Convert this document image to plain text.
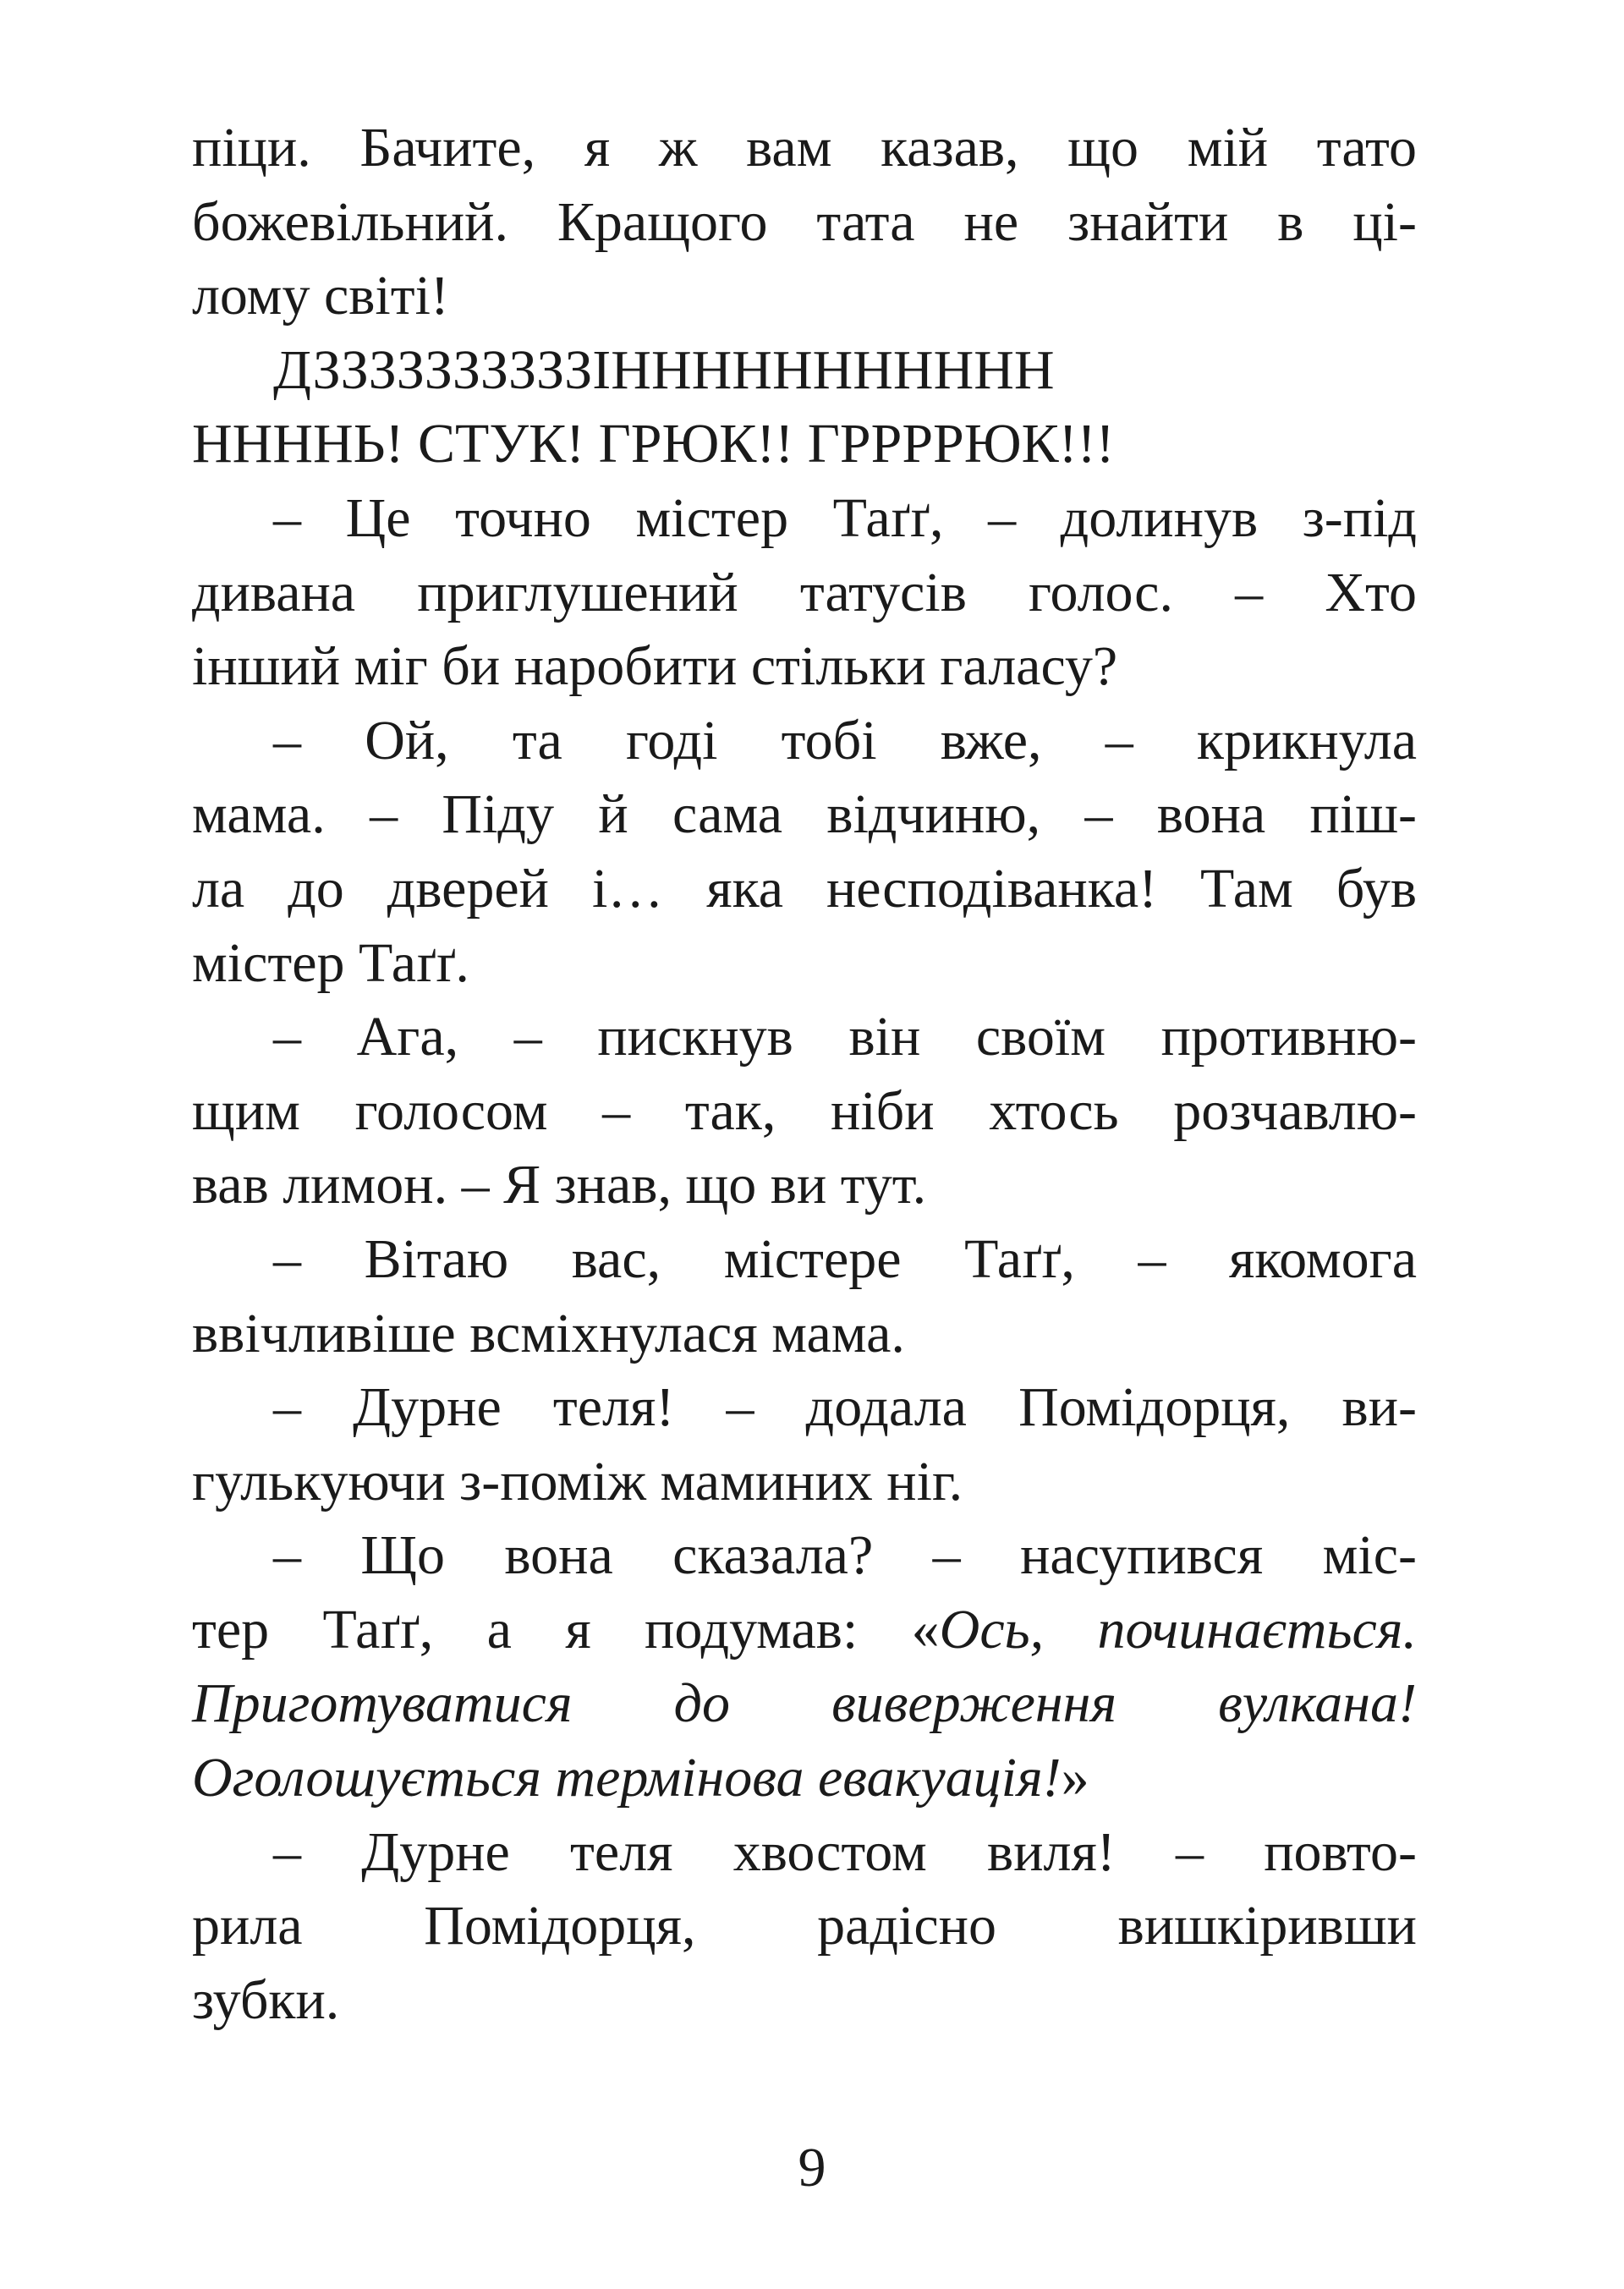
піци. Бачите, я ж вам казав, що мій тато
божевільний. Кращого тата не знайти в ці-
лому світі!
ДЗЗЗЗЗЗЗЗЗЗІННННННННННН
ННННЬ! СТУК! ГРЮК!! ГРРРРЮК!!!
– Це точно містер Таґґ, – долинув з-під
дивана приглушений татусів голос. – Хто
інший міг би наробити стільки галасу?
– Ой, та годі тобі вже, – крикнула
мама. – Піду й сама відчиню, – вона піш-
ла до дверей і… яка несподіванка! Там був
містер Таґґ.
– Ага, – пискнув він своїм противню-
щим голосом – так, ніби хтось розчавлю-
вав лимон. – Я знав, що ви тут.
– Вітаю вас, містере Таґґ, – якомога
ввічливіше всміхнулася мама.
– Дурне теля! – додала Помідорця, ви-
гулькуючи з-поміж маминих ніг.
– Що вона сказала? – насупився міс-
тер Таґґ, а я подумав: «Ось, починається.
Приготуватися до виверження вулкана!
Оголошується термінова евакуація!»
– Дурне теля хвостом виля! – повто-
рила Помідорця, радісно вишкіривши
зубки.
9
